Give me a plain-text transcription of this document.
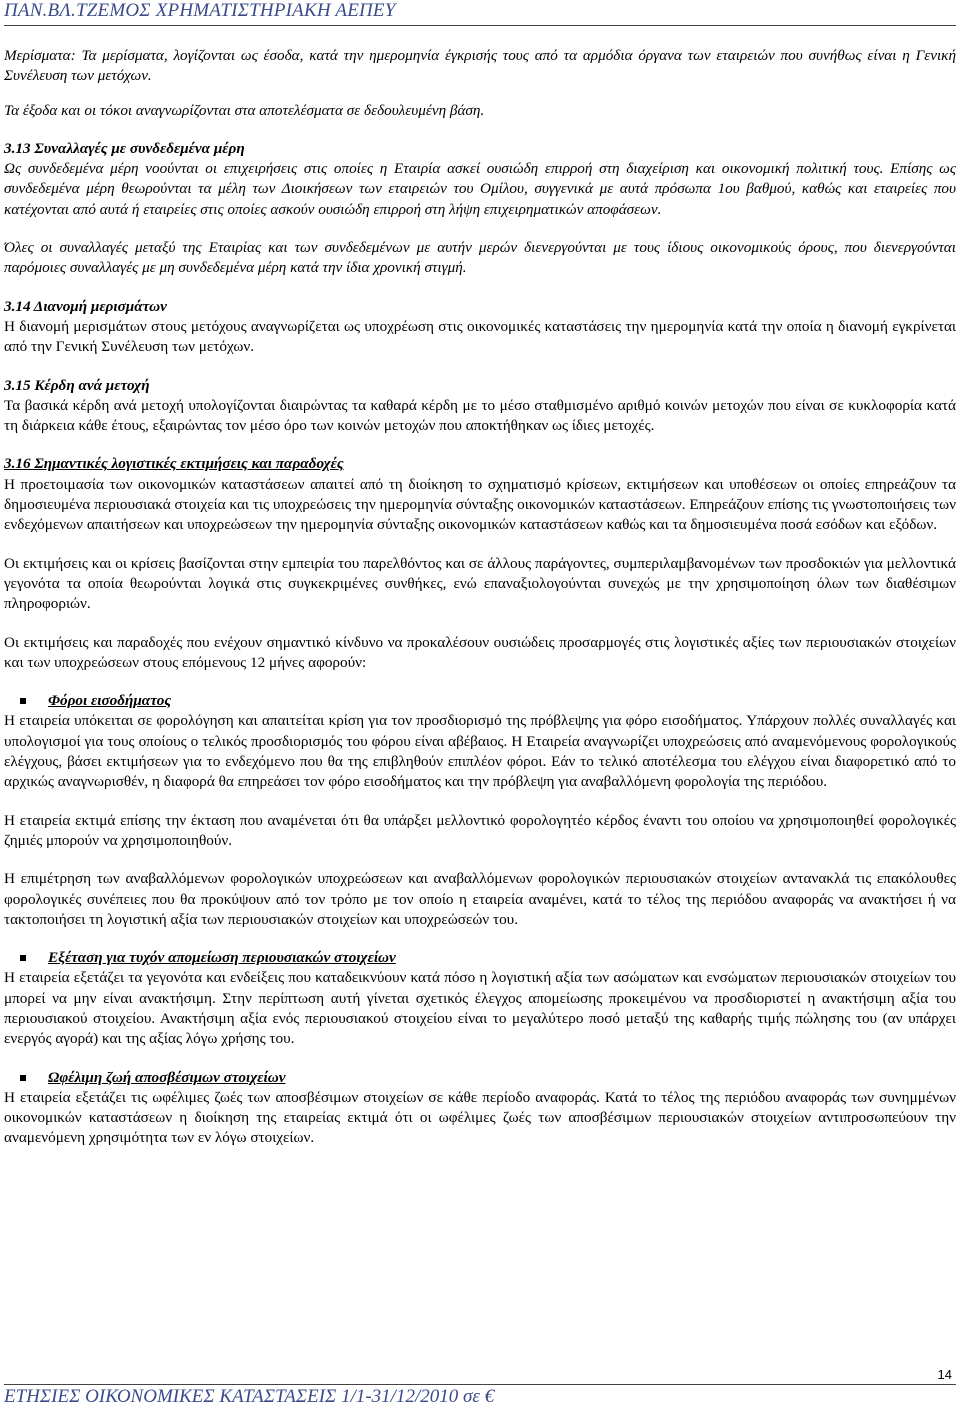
ΠΑΝ.ΒΛ.ΤΖΕΜΟΣ ΧΡΗΜΑΤΙΣΤΗΡΙΑΚΗ ΑΕΠΕΥ

Μερίσματα: Τα μερίσματα, λογίζονται ως έσοδα, κατά την ημερομηνία έγκρισής τους από τα αρμόδια όργανα των εταιρειών που συνήθως είναι η Γενική Συνέλευση των μετόχων.

Τα έξοδα και οι τόκοι αναγνωρίζονται στα αποτελέσματα σε δεδουλευμένη βάση.

3.13 Συναλλαγές με συνδεδεμένα μέρη

Ως συνδεδεμένα μέρη νοούνται οι επιχειρήσεις στις οποίες η Εταιρία ασκεί ουσιώδη επιρροή στη διαχείριση και οικονομική πολιτική τους. Επίσης ως συνδεδεμένα μέρη θεωρούνται τα μέλη των Διοικήσεων των εταιρειών του Ομίλου, συγγενικά με αυτά πρόσωπα 1ου βαθμού, καθώς και εταιρείες που κατέχονται από αυτά ή εταιρείες στις οποίες ασκούν ουσιώδη επιρροή στη λήψη επιχειρηματικών αποφάσεων.

Όλες οι συναλλαγές μεταξύ της Εταιρίας και των συνδεδεμένων με αυτήν μερών διενεργούνται με τους ίδιους οικονομικούς όρους, που διενεργούνται παρόμοιες συναλλαγές με μη συνδεδεμένα μέρη κατά την ίδια χρονική στιγμή.

3.14 Διανομή μερισμάτων

Η διανομή μερισμάτων στους μετόχους αναγνωρίζεται ως υποχρέωση στις οικονομικές καταστάσεις την ημερομηνία κατά την οποία η διανομή εγκρίνεται από την Γενική Συνέλευση των μετόχων.

3.15 Κέρδη ανά μετοχή

Τα βασικά κέρδη ανά μετοχή υπολογίζονται διαιρώντας τα καθαρά κέρδη με το μέσο σταθμισμένο αριθμό κοινών μετοχών που είναι σε κυκλοφορία κατά τη διάρκεια κάθε έτους, εξαιρώντας τον μέσο όρο των κοινών μετοχών που αποκτήθηκαν ως ίδιες μετοχές.

3.16 Σημαντικές λογιστικές εκτιμήσεις και παραδοχές

Η προετοιμασία των οικονομικών καταστάσεων απαιτεί από τη διοίκηση το σχηματισμό κρίσεων, εκτιμήσεων και υποθέσεων οι οποίες επηρεάζουν τα δημοσιευμένα περιουσιακά στοιχεία και τις υποχρεώσεις την ημερομηνία σύνταξης οικονομικών καταστάσεων. Επηρεάζουν επίσης τις γνωστοποιήσεις των ενδεχόμενων απαιτήσεων και υποχρεώσεων την ημερομηνία σύνταξης οικονομικών καταστάσεων καθώς και τα δημοσιευμένα ποσά εσόδων και εξόδων.

Οι εκτιμήσεις και οι κρίσεις βασίζονται στην εμπειρία του παρελθόντος και σε άλλους παράγοντες, συμπεριλαμβανομένων των προσδοκιών για μελλοντικά γεγονότα τα οποία θεωρούνται λογικά στις συγκεκριμένες συνθήκες, ενώ επαναξιολογούνται συνεχώς με την χρησιμοποίηση όλων των διαθέσιμων πληροφοριών.

Οι εκτιμήσεις και παραδοχές που ενέχουν σημαντικό κίνδυνο να προκαλέσουν ουσιώδεις προσαρμογές στις λογιστικές αξίες των περιουσιακών στοιχείων και των υποχρεώσεων στους επόμενους 12 μήνες αφορούν:

Φόροι εισοδήματος

Η εταιρεία υπόκειται σε φορολόγηση και απαιτείται κρίση για τον προσδιορισμό της πρόβλεψης για φόρο εισοδήματος. Υπάρχουν πολλές συναλλαγές και υπολογισμοί για τους οποίους ο τελικός προσδιορισμός του φόρου είναι αβέβαιος. Η Εταιρεία αναγνωρίζει υποχρεώσεις από αναμενόμενους φορολογικούς ελέγχους, βάσει εκτιμήσεων για το ενδεχόμενο που θα της επιβληθούν επιπλέον φόροι. Εάν το τελικό αποτέλεσμα του ελέγχου είναι διαφορετικό από το αρχικώς αναγνωρισθέν, η διαφορά θα επηρεάσει τον φόρο εισοδήματος και την πρόβλεψη για αναβαλλόμενη φορολογία της περιόδου.

Η εταιρεία εκτιμά επίσης την έκταση που αναμένεται ότι θα υπάρξει μελλοντικό φορολογητέο κέρδος έναντι του οποίου να χρησιμοποιηθεί φορολογικές ζημιές μπορούν να χρησιμοποιηθούν.

Η επιμέτρηση των αναβαλλόμενων φορολογικών υποχρεώσεων και αναβαλλόμενων φορολογικών περιουσιακών στοιχείων αντανακλά τις επακόλουθες φορολογικές συνέπειες που θα προκύψουν από τον τρόπο με τον οποίο η εταιρεία αναμένει, κατά το τέλος της περιόδου αναφοράς να ανακτήσει ή να τακτοποιήσει τη λογιστική αξία των περιουσιακών στοιχείων και υποχρεώσεών του.

Εξέταση για τυχόν απομείωση περιουσιακών στοιχείων

Η εταιρεία εξετάζει τα γεγονότα και ενδείξεις που καταδεικνύουν κατά πόσο η λογιστική αξία των ασώματων και ενσώματων περιουσιακών στοιχείων του μπορεί να μην είναι ανακτήσιμη. Στην περίπτωση αυτή γίνεται σχετικός έλεγχος απομείωσης προκειμένου να προσδιοριστεί η ανακτήσιμη αξία του περιουσιακού στοιχείου. Ανακτήσιμη αξία ενός περιουσιακού στοιχείου είναι το μεγαλύτερο ποσό μεταξύ της καθαρής τιμής πώλησης του (αν υπάρχει ενεργός αγορά) και της αξίας λόγω χρήσης του.

Ωφέλιμη ζωή αποσβέσιμων στοιχείων

Η εταιρεία εξετάζει τις ωφέλιμες ζωές των αποσβέσιμων στοιχείων σε κάθε περίοδο αναφοράς. Κατά το τέλος της περιόδου αναφοράς των συνημμένων οικονομικών καταστάσεων η διοίκηση της εταιρείας εκτιμά ότι οι ωφέλιμες ζωές των αποσβέσιμων περιουσιακών στοιχείων αντιπροσωπεύουν την αναμενόμενη χρησιμότητα των εν λόγω στοιχείων.

ΕΤΗΣΙΕΣ ΟΙΚΟΝΟΜΙΚΕΣ ΚΑΤΑΣΤΑΣΕΙΣ 1/1-31/12/2010 σε €
14
